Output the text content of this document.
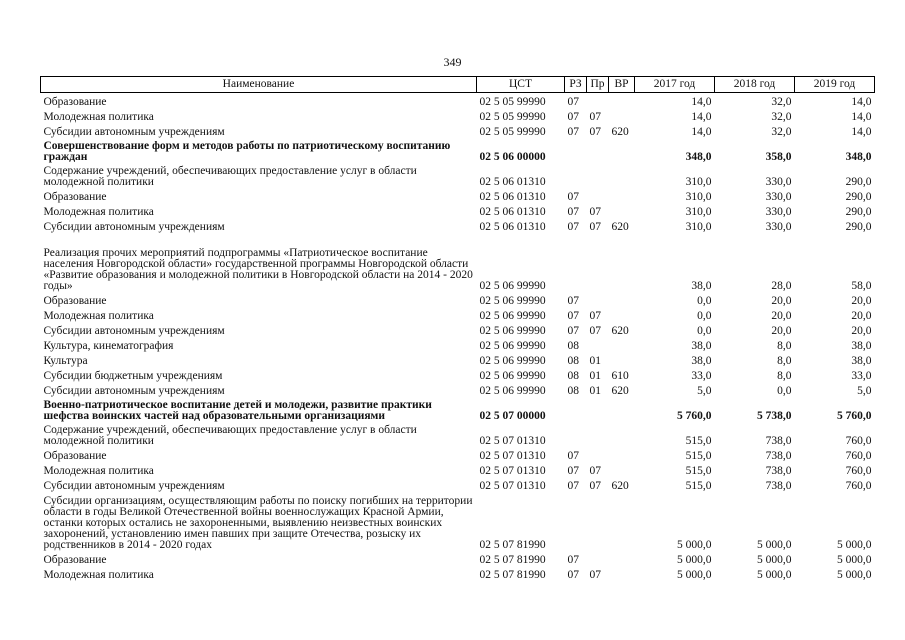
349
Наименование	ЦСТ	РЗ	Пр	ВР	2017 год	2018 год	2019 год
Образование	02 5 05 99990	07			14,0	32,0	14,0
Молодежная политика	02 5 05 99990	07	07		14,0	32,0	14,0
Субсидии автономным учреждениям	02 5 05 99990	07	07	620	14,0	32,0	14,0
Совершенствование форм и методов работы по патриотическому воспитанию граждан	02 5 06 00000				348,0	358,0	348,0
Содержание учреждений, обеспечивающих предоставление услуг в области молодежной политики	02 5 06 01310				310,0	330,0	290,0
Образование	02 5 06 01310	07			310,0	330,0	290,0
Молодежная политика	02 5 06 01310	07	07		310,0	330,0	290,0
Субсидии автономным учреждениям	02 5 06 01310	07	07	620	310,0	330,0	290,0
Реализация прочих мероприятий подпрограммы «Патриотическое воспитание населения Новгородской области» государственной программы Новгородской области «Развитие образования и молодежной политики в Новгородской области на 2014 - 2020 годы»	02 5 06 99990				38,0	28,0	58,0
Образование	02 5 06 99990	07			0,0	20,0	20,0
Молодежная политика	02 5 06 99990	07	07		0,0	20,0	20,0
Субсидии автономным учреждениям	02 5 06 99990	07	07	620	0,0	20,0	20,0
Культура, кинематография	02 5 06 99990	08			38,0	8,0	38,0
Культура	02 5 06 99990	08	01		38,0	8,0	38,0
Субсидии бюджетным учреждениям	02 5 06 99990	08	01	610	33,0	8,0	33,0
Субсидии автономным учреждениям	02 5 06 99990	08	01	620	5,0	0,0	5,0
Военно-патриотическое воспитание детей и молодежи, развитие практики шефства воинских частей над образовательными организациями	02 5 07 00000				5 760,0	5 738,0	5 760,0
Содержание учреждений, обеспечивающих предоставление услуг в области молодежной политики	02 5 07 01310				515,0	738,0	760,0
Образование	02 5 07 01310	07			515,0	738,0	760,0
Молодежная политика	02 5 07 01310	07	07		515,0	738,0	760,0
Субсидии автономным учреждениям	02 5 07 01310	07	07	620	515,0	738,0	760,0
Субсидии организациям, осуществляющим работы по поиску погибших на территории области в годы Великой Отечественной войны военнослужащих Красной Армии, останки которых остались не захороненными, выявлению неизвестных воинских захоронений, установлению имен павших при защите Отечества, розыску их родственников в 2014 - 2020 годах	02 5 07 81990				5 000,0	5 000,0	5 000,0
Образование	02 5 07 81990	07			5 000,0	5 000,0	5 000,0
Молодежная политика	02 5 07 81990	07	07		5 000,0	5 000,0	5 000,0
